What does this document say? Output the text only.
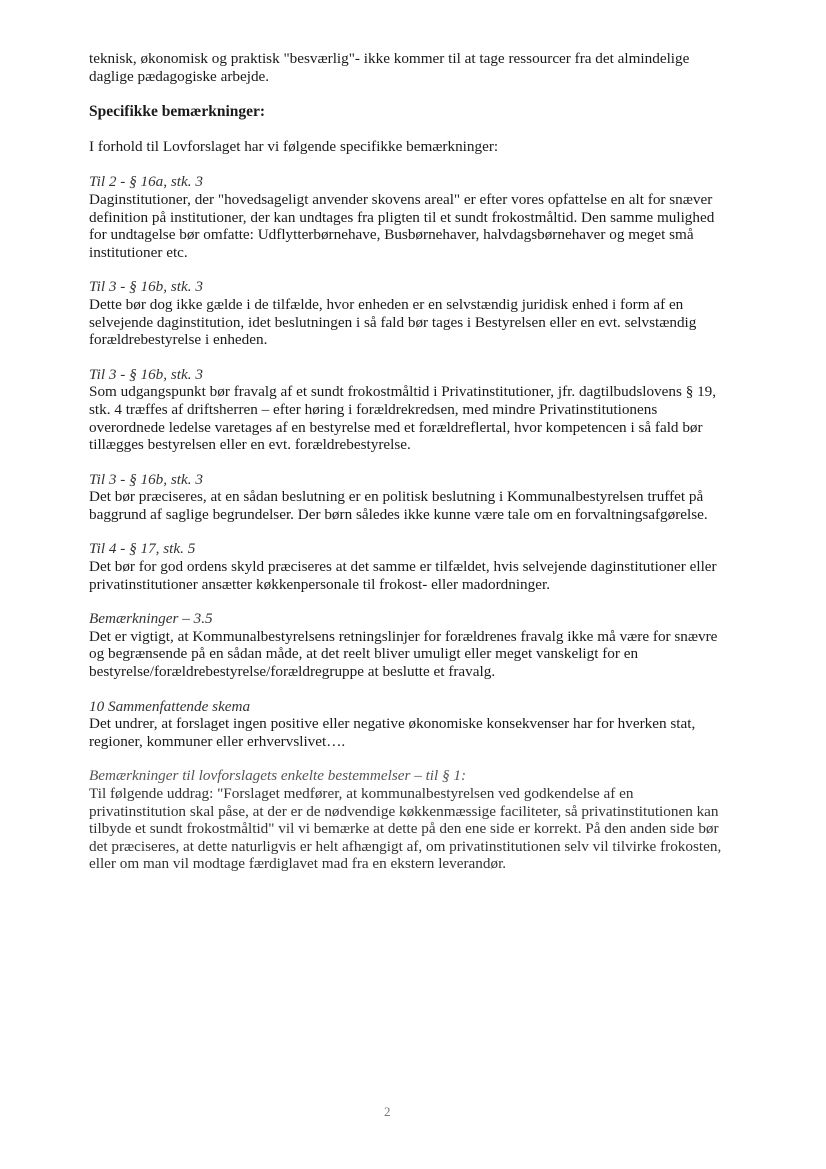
teknisk, økonomisk og praktisk "besværlig"- ikke kommer til at tage ressourcer fra det almindelige daglige pædagogiske arbejde.

Specifikke bemærkninger:

I forhold til Lovforslaget har vi følgende specifikke bemærkninger:

Til 2 - § 16a, stk. 3

Daginstitutioner, der "hovedsageligt anvender skovens areal" er efter vores opfattelse en alt for snæver definition på institutioner, der kan undtages fra pligten til et sundt frokostmåltid. Den samme mulighed for undtagelse bør omfatte: Udflytterbørnehave, Busbørnehaver, halvdagsbørnehaver og meget små institutioner etc.

Til 3 - § 16b, stk. 3

Dette bør dog ikke gælde i de tilfælde, hvor enheden er en selvstændig juridisk enhed i form af en selvejende daginstitution, idet beslutningen i så fald bør tages i Bestyrelsen eller en evt. selvstændig forældrebestyrelse i enheden.

Til 3 - § 16b, stk. 3

Som udgangspunkt bør fravalg af et sundt frokostmåltid i Privatinstitutioner, jfr. dagtilbudslovens § 19, stk. 4 træffes af driftsherren – efter høring i forældrekredsen, med mindre Privatinstitutionens overordnede ledelse varetages af en bestyrelse med et forældreflertal, hvor kompetencen i så fald bør tillægges bestyrelsen eller en evt. forældrebestyrelse.

Til 3 - § 16b, stk. 3

Det bør præciseres, at en sådan beslutning er en politisk beslutning i Kommunalbestyrelsen truffet på baggrund af saglige begrundelser. Der børn således ikke kunne være tale om en forvaltningsafgørelse.

Til 4 - § 17, stk. 5

Det bør for god ordens skyld præciseres at det samme er tilfældet, hvis selvejende daginstitutioner eller privatinstitutioner ansætter køkkenpersonale til frokost- eller madordninger.

Bemærkninger – 3.5

Det er vigtigt, at Kommunalbestyrelsens retningslinjer for forældrenes fravalg ikke må være for snævre og begrænsende på en sådan måde, at det reelt bliver umuligt eller meget vanskeligt for en bestyrelse/forældrebestyrelse/forældregruppe at beslutte et fravalg.

10 Sammenfattende skema

Det undrer, at forslaget ingen positive eller negative økonomiske konsekvenser har for hverken stat, regioner, kommuner eller erhvervslivet….

Bemærkninger til lovforslagets enkelte bestemmelser – til § 1:

Til følgende uddrag: "Forslaget medfører, at kommunalbestyrelsen ved godkendelse af en privatinstitution skal påse, at der er de nødvendige køkkenmæssige faciliteter, så privatinstitutionen kan tilbyde et sundt frokostmåltid" vil vi bemærke at dette på den ene side er korrekt. På den anden side bør det præciseres, at dette naturligvis er helt afhængigt af, om privatinstitutionen selv vil tilvirke frokosten, eller om man vil modtage færdiglavet mad fra en ekstern leverandør.

2
